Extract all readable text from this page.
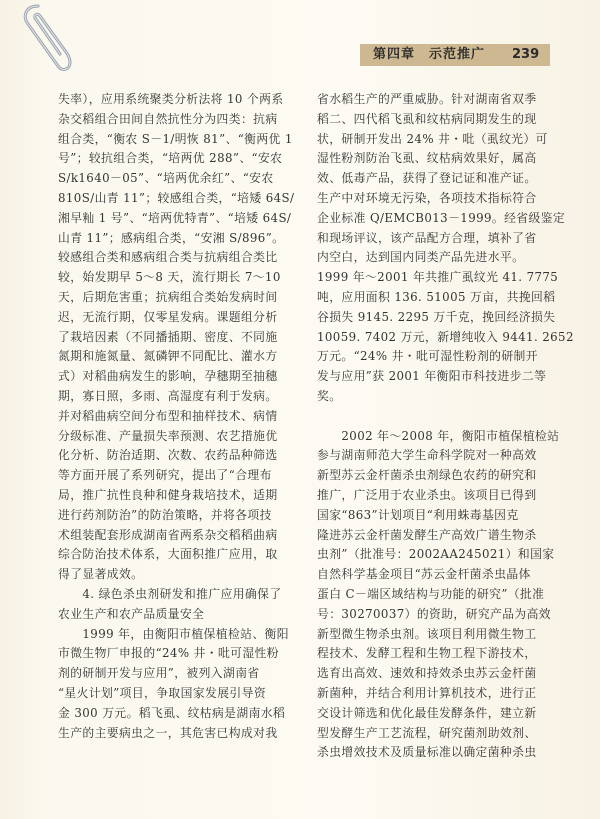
第四章　示范推广 239
失率），应用系统聚类分析法将 10 个两系
杂交稻组合田间自然抗性分为四类：抗病
组合类，“衡农 S－1/明恢 81”、“衡两优 1
号”；较抗组合类，“培两优 288”、“安农
S/k1640－05”、“培两优余红”、“安农
810S/山青 11”；较感组合类，“培矮 64S/
湘早籼 1 号”、“培两优特青”、“培矮 64S/
山青 11”；感病组合类，“安湘 S/896”。
较感组合类和感病组合类与抗病组合类比
较，始发期早 5～8 天，流行期长 7～10
天，后期危害重；抗病组合类始发病时间
迟，无流行期，仅零星发病。课题组分析
了栽培因素（不同播插期、密度、不同施
氮期和施氮量、氮磷钾不同配比、灌水方
式）对稻曲病发生的影响，孕穗期至抽穗
期，寡日照，多雨、高湿度有利于发病。
并对稻曲病空间分布型和抽样技术、病情
分级标准、产量损失率预测、农艺措施优
化分析、防治适期、次数、农药品种筛选
等方面开展了系列研究，提出了“合理布
局，推广抗性良种和健身栽培技术，适期
进行药剂防治”的防治策略，并将各项技
术组装配套形成湖南省两系杂交稻稻曲病
综合防治技术体系，大面积推广应用，取
得了显著成效。
　　4. 绿色杀虫剂研发和推广应用确保了
农业生产和农产品质量安全
　　1999 年，由衡阳市植保植检站、衡阳
市微生物厂申报的“24% 井・吡可湿性粉
剂的研制开发与应用”，被列入湖南省
“星火计划”项目，争取国家发展引导资
金 300 万元。稻飞虱、纹枯病是湖南水稻
生产的主要病虫之一，其危害已构成对我
省水稻生产的严重威胁。针对湖南省双季
稻二、四代稻飞虱和纹枯病同期发生的现
状，研制开发出 24% 井・吡（虱纹光）可
湿性粉剂防治飞虱、纹枯病效果好，属高
效、低毒产品，获得了登记证和准产证。
生产中对环境无污染，各项技术指标符合
企业标准 Q/EMCB013－1999。经省级鉴定
和现场评议，该产品配方合理，填补了省
内空白，达到国内同类产品先进水平。
1999 年～2001 年共推广虱纹光 41. 7775
吨，应用面积 136. 51005 万亩，共挽回稻
谷损失 9145. 2295 万千克，挽回经济损失
10059. 7402 万元，新增纯收入 9441. 2652
万元。“24% 井・吡可湿性粉剂的研制开
发与应用”获 2001 年衡阳市科技进步二等
奖。
　　2002 年～2008 年，衡阳市植保植检站
参与湖南师范大学生命科学院对一种高效
新型苏云金杆菌杀虫剂绿色农药的研究和
推广，广泛用于农业杀虫。该项目已得到
国家“863”计划项目“利用蛛毒基因克
隆进苏云金杆菌发酵生产高效广谱生物杀
虫剂”（批准号：2002AA245021）和国家
自然科学基金项目“苏云金杆菌杀虫晶体
蛋白 C－端区域结构与功能的研究”（批准
号：30270037）的资助，研究产品为高效
新型微生物杀虫剂。该项目利用微生物工
程技术、发酵工程和生物工程下游技术，
选育出高效、速效和持效杀虫苏云金杆菌
新菌种，并结合利用计算机技术，进行正
交设计筛选和优化最佳发酵条件，建立新
型发酵生产工艺流程，研究菌剂助效剂、
杀虫增效技术及质量标准以确定菌种杀虫
